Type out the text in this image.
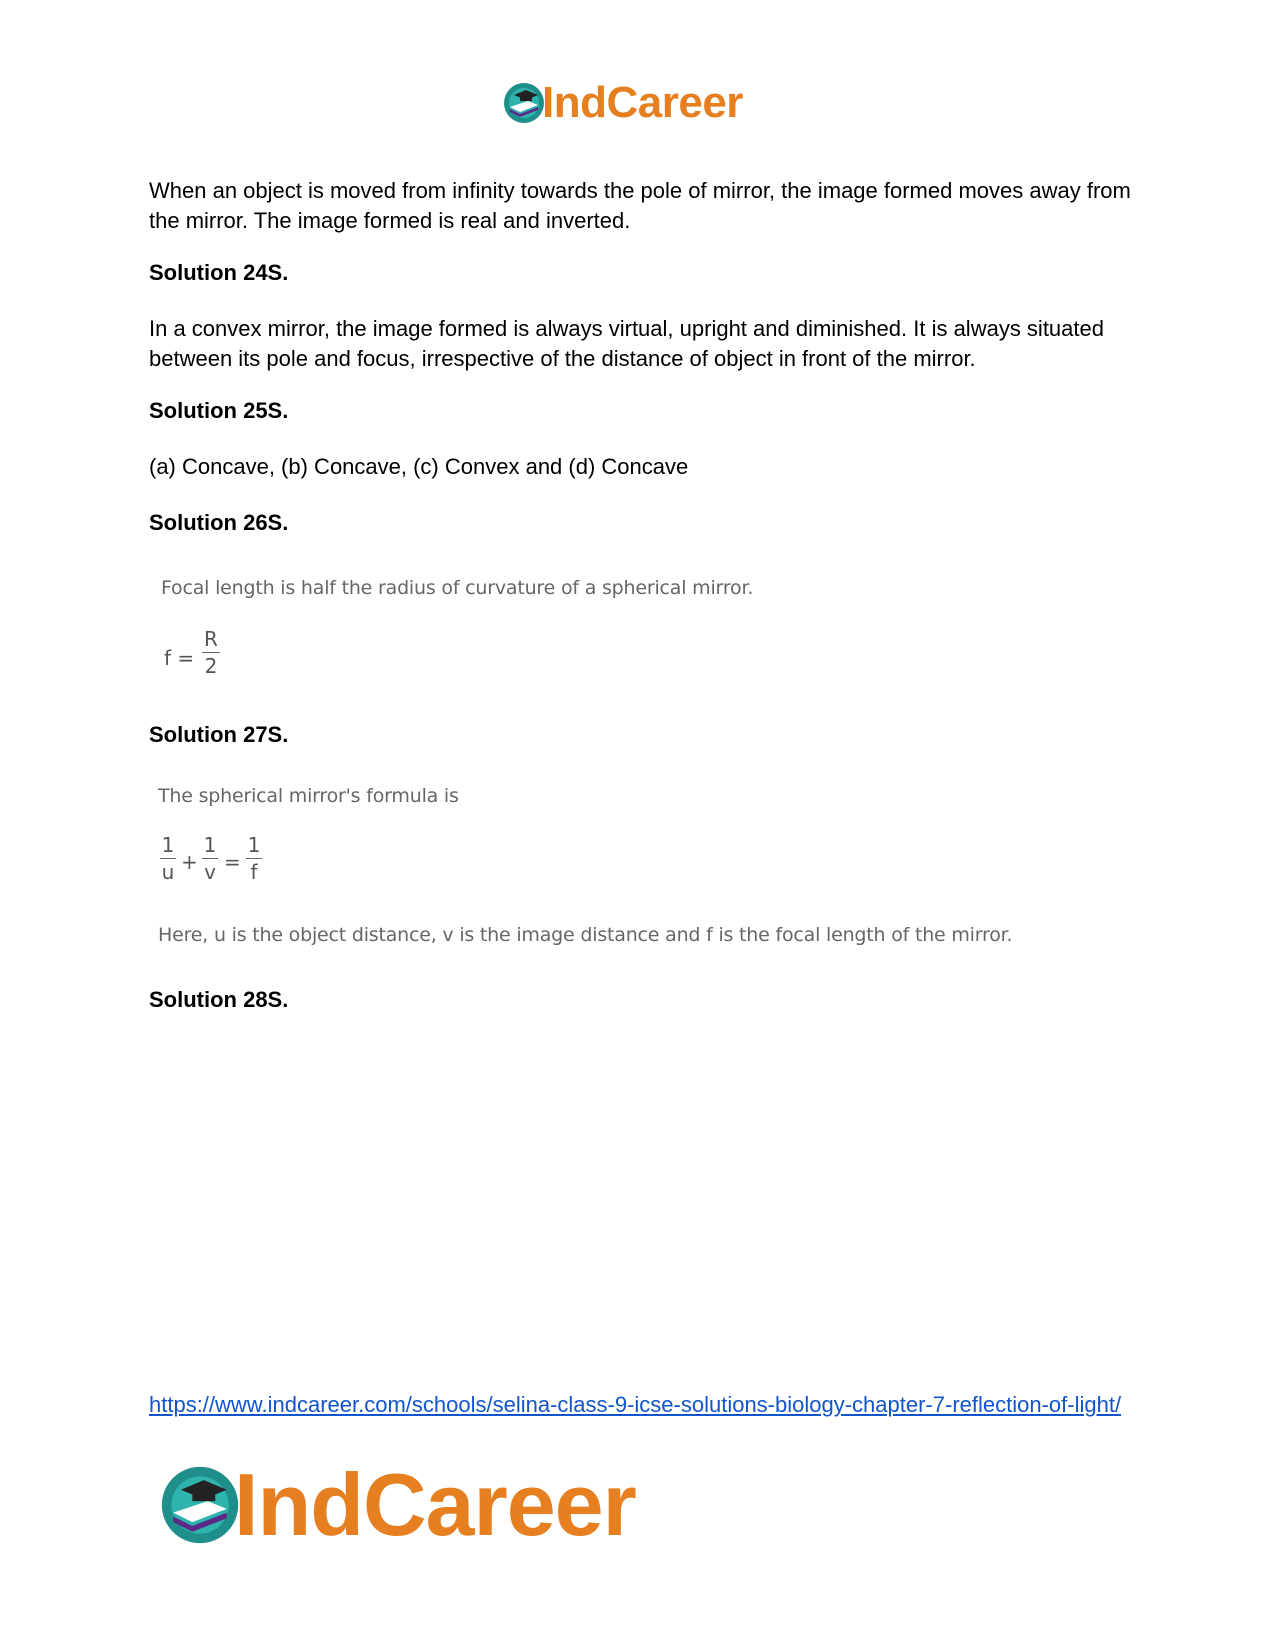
IndCareer

When an object is moved from infinity towards the pole of mirror, the image formed moves away from the mirror. The image formed is real and inverted.

Solution 24S.

In a convex mirror, the image formed is always virtual, upright and diminished. It is always situated between its pole and focus, irrespective of the distance of object in front of the mirror.

Solution 25S.

(a) Concave, (b) Concave, (c) Convex and (d) Concave

Solution 26S.

Focal length is half the radius of curvature of a spherical mirror.
f =
R
2

Solution 27S.

The spherical mirror's formula is
1
u +
1
v =
1
f
Here, u is the object distance, v is the image distance and f is the focal length of the mirror.

Solution 28S.

https://www.indcareer.com/schools/selina-class-9-icse-solutions-biology-chapter-7-reflection-of-light/
IndCareer
